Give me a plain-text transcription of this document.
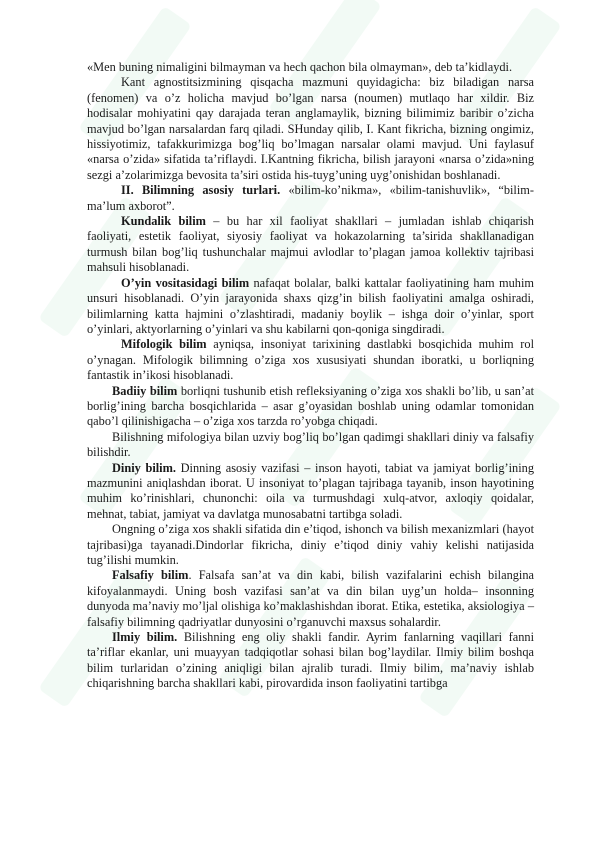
«Men buning nimaligini bilmayman va hech qachon bila olmayman», deb ta’kidlaydi.

Kant agnostitsizmining qisqacha mazmuni quyidagicha: biz biladigan narsa (fenomen) va o’z holicha mavjud bo’lgan narsa (noumen) mutlaqo har xildir. Biz hodisalar mohiyatini qay darajada teran anglamaylik, bizning bilimimiz baribir o’zicha mavjud bo’lgan narsalardan farq qiladi. SHunday qilib, I. Kant fikricha, bizning ongimiz, hissiyotimiz, tafakkurimizga bog’liq bo’lmagan narsalar olami mavjud. Uni faylasuf «narsa o’zida» sifatida ta’riflaydi. I.Kantning fikricha, bilish jarayoni «narsa o’zida»ning sezgi a’zolarimizga bevosita ta’siri ostida his-tuyg’uning uyg’onishidan boshlanadi.

II. Bilimning asosiy turlari. «bilim-ko’nikma», «bilim-tanishuvlik», “bilim-ma’lum axborot”.

Kundalik bilim – bu har xil faoliyat shakllari – jumladan ishlab chiqarish faoliyati, estetik faoliyat, siyosiy faoliyat va hokazolarning ta’sirida shakllanadigan turmush bilan bog’liq tushunchalar majmui avlodlar to’plagan jamoa kollektiv tajribasi mahsuli hisoblanadi.

O’yin vositasidagi bilim nafaqat bolalar, balki kattalar faoliyatining ham muhim unsuri hisoblanadi. O’yin jarayonida shaxs qizg’in bilish faoliyatini amalga oshiradi, bilimlarning katta hajmini o’zlashtiradi, madaniy boylik – ishga doir o’yinlar, sport o’yinlari, aktyorlarning o’yinlari va shu kabilarni qon-qoniga singdiradi.

Mifologik bilim ayniqsa, insoniyat tarixining dastlabki bosqichida muhim rol o’ynagan. Mifologik bilimning o’ziga xos xususiyati shundan iboratki, u borliqning fantastik in’ikosi hisoblanadi.

Badiiy bilim borliqni tushunib etish refleksiyaning o’ziga xos shakli bo’lib, u san’at borlig’ining barcha bosqichlarida – asar g’oyasidan boshlab uning odamlar tomonidan qabo’l qilinishigacha – o’ziga xos tarzda ro’yobga chiqadi.

Bilishning mifologiya bilan uzviy bog’liq bo’lgan qadimgi shakllari diniy va falsafiy bilishdir.

Diniy bilim. Dinning asosiy vazifasi – inson hayoti, tabiat va jamiyat borlig’ining mazmunini aniqlashdan iborat. U insoniyat to’plagan tajribaga tayanib, inson hayotining muhim ko’rinishlari, chunonchi: oila va turmushdagi xulq-atvor, axloqiy qoidalar, mehnat, tabiat, jamiyat va davlatga munosabatni tartibga soladi.

Ongning o’ziga xos shakli sifatida din e’tiqod, ishonch va bilish mexanizmlari (hayot tajribasi)ga tayanadi.Dindorlar fikricha, diniy e’tiqod diniy vahiy kelishi natijasida tug’ilishi mumkin.

Falsafiy bilim. Falsafa san’at va din kabi, bilish vazifalarini echish bilangina kifoyalanmaydi. Uning bosh vazifasi san’at va din bilan uyg’un holda– insonning dunyoda ma’naviy mo’ljal olishiga ko’maklashishdan iborat. Etika, estetika, aksiologiya – falsafiy bilimning qadriyatlar dunyosini o’rganuvchi maxsus sohalardir.

Ilmiy bilim. Bilishning eng oliy shakli fandir. Ayrim fanlarning vaqillari fanni ta’riflar ekanlar, uni muayyan tadqiqotlar sohasi bilan bog’laydilar. Ilmiy bilim boshqa bilim turlaridan o’zining aniqligi bilan ajralib turadi. Ilmiy bilim, ma’naviy ishlab chiqarishning barcha shakllari kabi, pirovardida inson faoliyatini tartibga
